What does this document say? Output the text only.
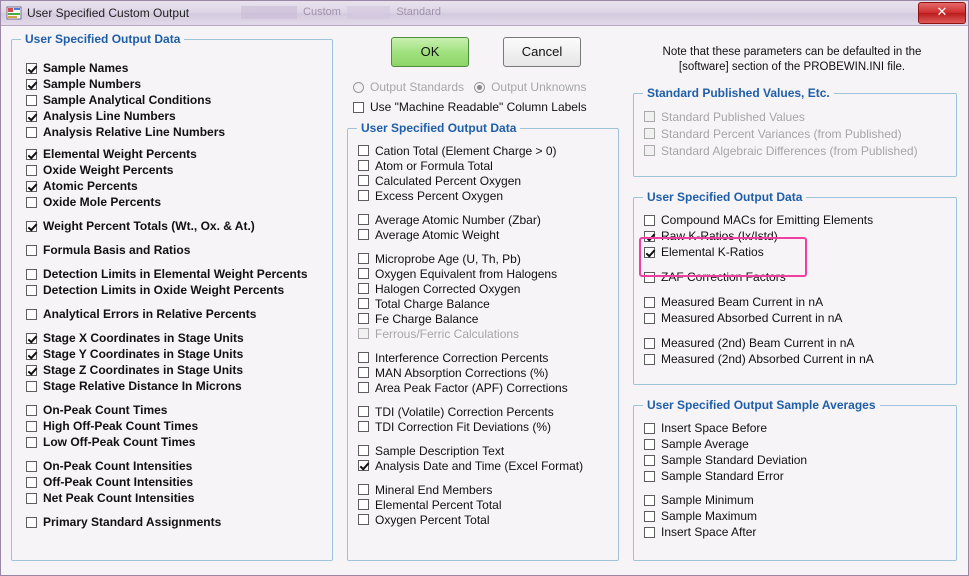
User Specified Custom Output	Custom	Standard	✕
User Specified Output Data
Sample Names
Sample Numbers
Sample Analytical Conditions
Analysis Line Numbers
Analysis Relative Line Numbers
Elemental Weight Percents
Oxide Weight Percents
Atomic Percents
Oxide Mole Percents
Weight Percent Totals (Wt., Ox. & At.)
Formula Basis and Ratios
Detection Limits in Elemental Weight Percents
Detection Limits in Oxide Weight Percents
Analytical Errors in Relative Percents
Stage X Coordinates in Stage Units
Stage Y Coordinates in Stage Units
Stage Z Coordinates in Stage Units
Stage Relative Distance In Microns
On-Peak Count Times
High Off-Peak Count Times
Low Off-Peak Count Times
On-Peak Count Intensities
Off-Peak Count Intensities
Net Peak Count Intensities
Primary Standard Assignments
OK	Cancel
Output Standards Output Unknowns
Use "Machine Readable" Column Labels
User Specified Output Data
Cation Total (Element Charge > 0)
Atom or Formula Total
Calculated Percent Oxygen
Excess Percent Oxygen
Average Atomic Number (Zbar)
Average Atomic Weight
Microprobe Age (U, Th, Pb)
Oxygen Equivalent from Halogens
Halogen Corrected Oxygen
Total Charge Balance
Fe Charge Balance
Ferrous/Ferric Calculations
Interference Correction Percents
MAN Absorption Corrections (%)
Area Peak Factor (APF) Corrections
TDI (Volatile) Correction Percents
TDI Correction Fit Deviations (%)
Sample Description Text
Analysis Date and Time (Excel Format)
Mineral End Members
Elemental Percent Total
Oxygen Percent Total
Note that these parameters can be defaulted in the
[software] section of the PROBEWIN.INI file.
Standard Published Values, Etc.
Standard Published Values
Standard Percent Variances (from Published)
Standard Algebraic Differences (from Published)
User Specified Output Data
Compound MACs for Emitting Elements
Raw K-Ratios (Ix/Istd)
Elemental K-Ratios
ZAF Correction Factors
Measured Beam Current in nA
Measured Absorbed Current in nA
Measured (2nd) Beam Current in nA
Measured (2nd) Absorbed Current in nA
User Specified Output Sample Averages
Insert Space Before
Sample Average
Sample Standard Deviation
Sample Standard Error
Sample Minimum
Sample Maximum
Insert Space After
